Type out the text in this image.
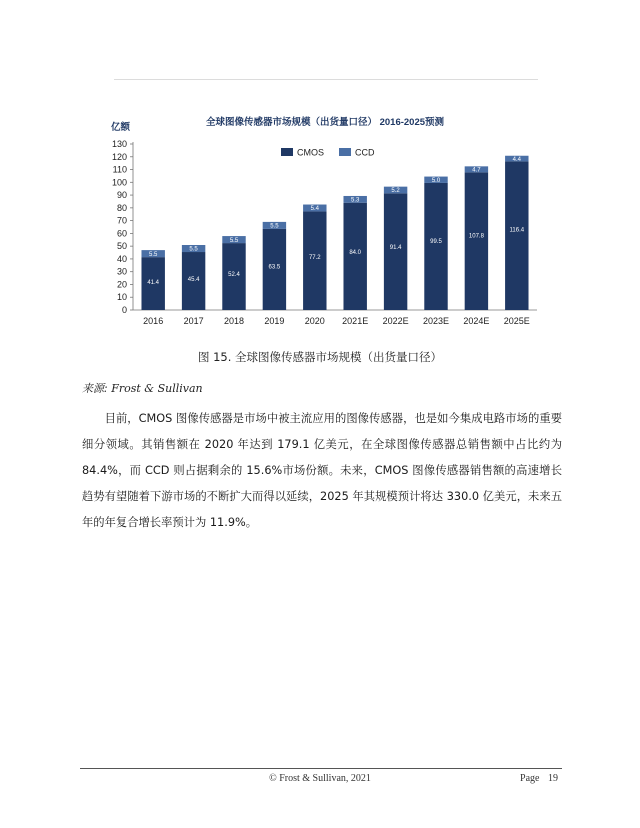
全球图像传感器市场规模（出货量口径） 2016-2025预测
亿额
0
10
20
30
40
50
60
70
80
90
100
110
120
130
41.4
5.5
2016
45.4
5.5
2017
52.4
5.5
2018
63.5
5.5
2019
77.2
5.4
2020
84.0
5.3
2021E
91.4
5.2
2022E
99.5
5.0
2023E
107.8
4.7
2024E
116.4
4.4
2025E
CMOS	CCD
图 15. 全球图像传感器市场规模（出货量口径）
来源: Frost & Sullivan

目前，CMOS 图像传感器是市场中被主流应用的图像传感器，也是如今集成电路市场的重要细分领域。其销售额在 2020 年达到 179.1 亿美元，在全球图像传感器总销售额中占比约为 84.4%，而 CCD 则占据剩余的 15.6%市场份额。未来，CMOS 图像传感器销售额的高速增长趋势有望随着下游市场的不断扩大而得以延续，2025 年其规模预计将达 330.0 亿美元，未来五年的年复合增长率预计为 11.9%。

© Frost & Sullivan, 2021	Page 19
